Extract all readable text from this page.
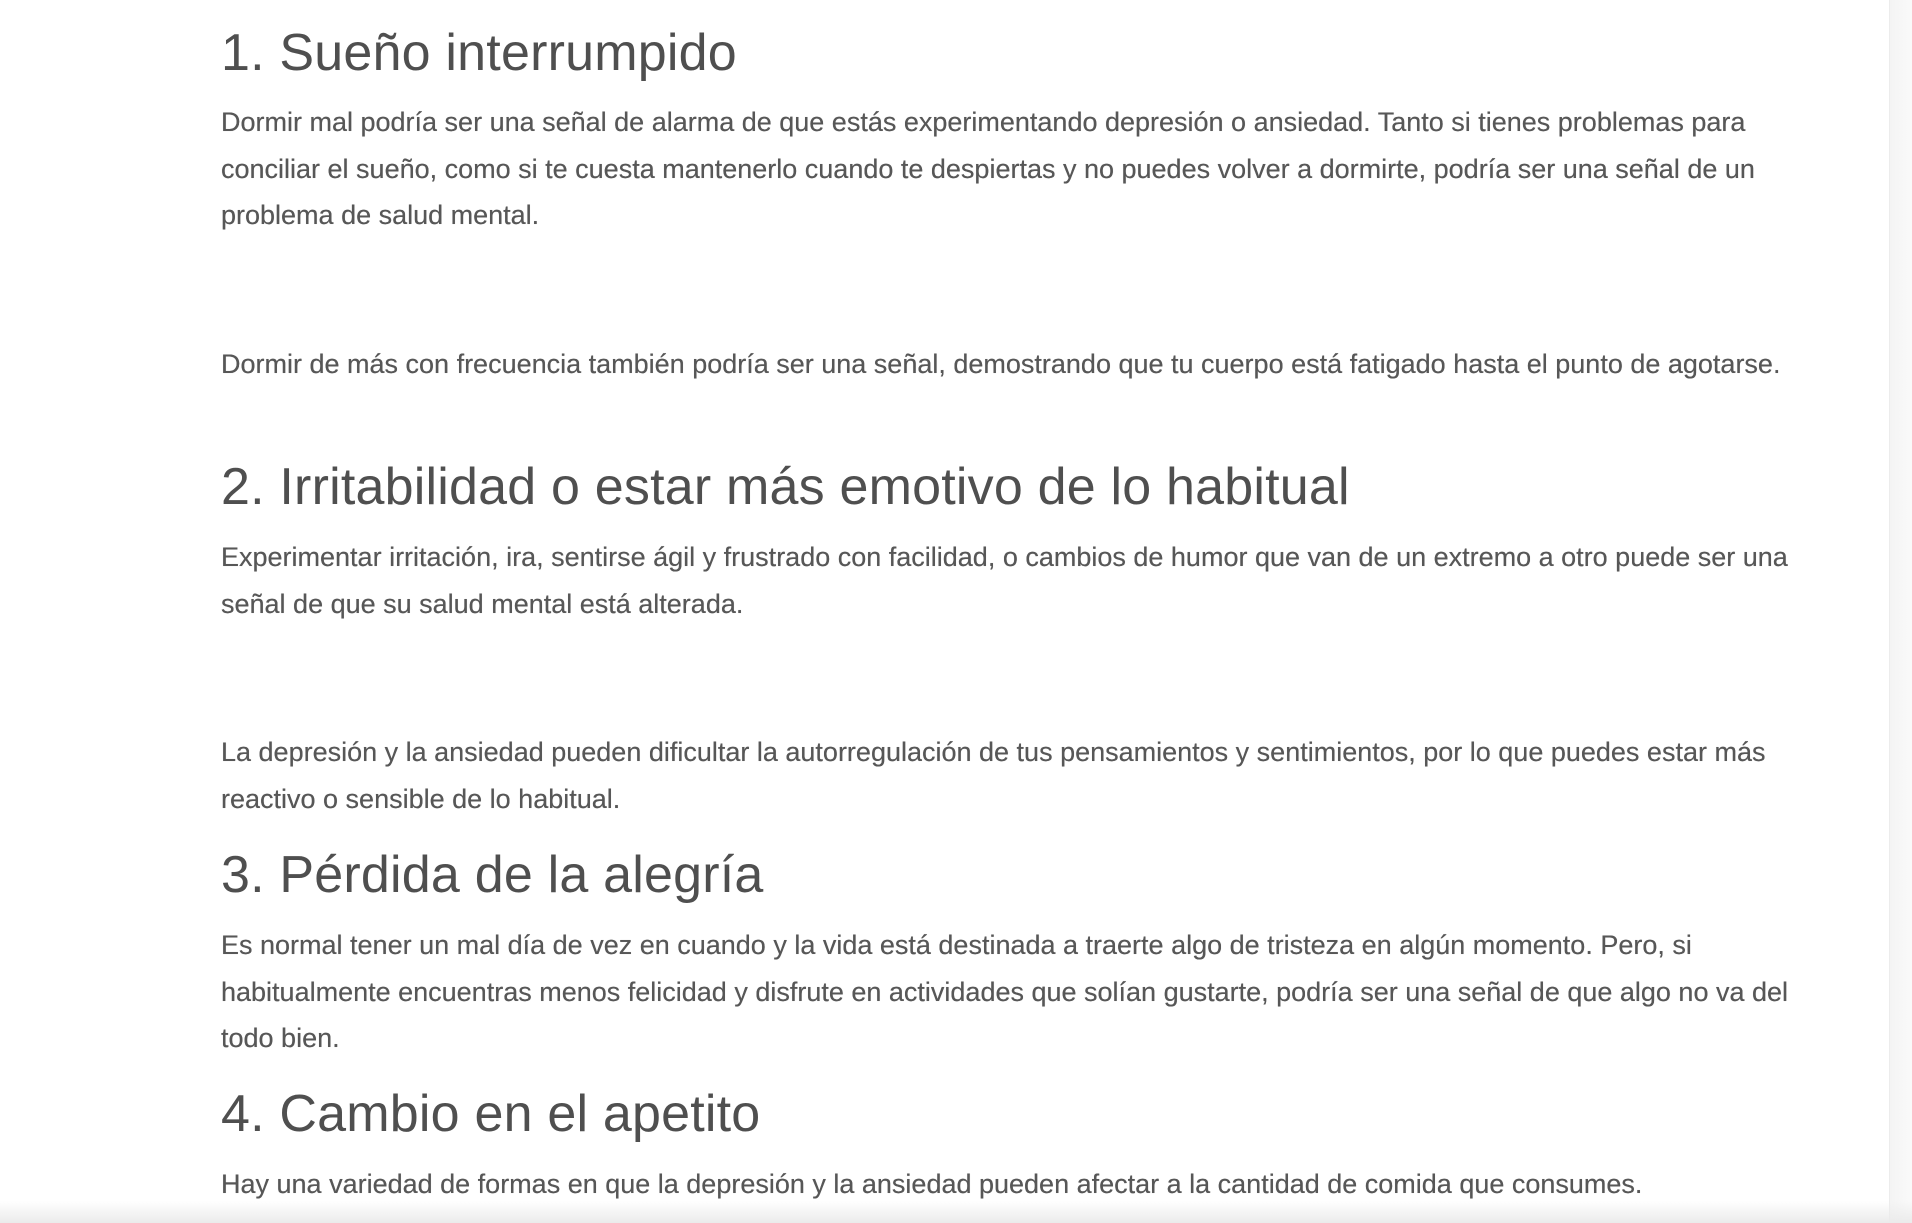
1. Sueño interrumpido

Dormir mal podría ser una señal de alarma de que estás experimentando depresión o ansiedad. Tanto si tienes problemas para conciliar el sueño, como si te cuesta mantenerlo cuando te despiertas y no puedes volver a dormirte, podría ser una señal de un problema de salud mental.

Dormir de más con frecuencia también podría ser una señal, demostrando que tu cuerpo está fatigado hasta el punto de agotarse.

2. Irritabilidad o estar más emotivo de lo habitual

Experimentar irritación, ira, sentirse ágil y frustrado con facilidad, o cambios de humor que van de un extremo a otro puede ser una señal de que su salud mental está alterada.

La depresión y la ansiedad pueden dificultar la autorregulación de tus pensamientos y sentimientos, por lo que puedes estar más reactivo o sensible de lo habitual.

3. Pérdida de la alegría

Es normal tener un mal día de vez en cuando y la vida está destinada a traerte algo de tristeza en algún momento. Pero, si habitualmente encuentras menos felicidad y disfrute en actividades que solían gustarte, podría ser una señal de que algo no va del todo bien.

4. Cambio en el apetito

Hay una variedad de formas en que la depresión y la ansiedad pueden afectar a la cantidad de comida que consumes.
